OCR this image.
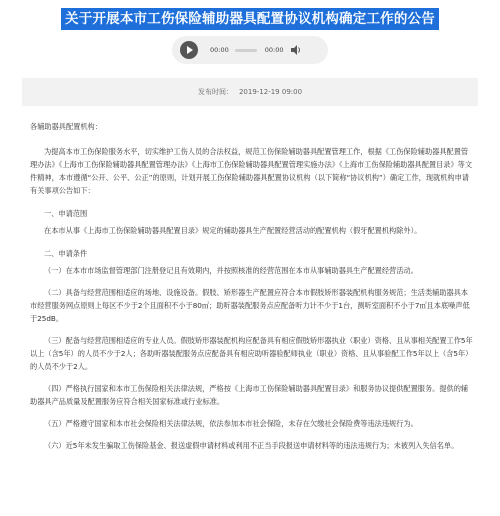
关于开展本市工伤保险辅助器具配置协议机构确定工作的公告
00:00	00:00
发布时间： 2019-12-19 09:00

各辅助器具配置机构：

为提高本市工伤保险服务水平，切实维护工伤人员的合法权益，规范工伤保险辅助器具配置管理工作，根据《工伤保险辅助器具配置管理办法》《上海市工伤保险辅助器具配置管理办法》《上海市工伤保险辅助器具配置管理实施办法》《上海市工伤保险辅助器具配置目录》等文件精神，本市遵循“公开、公平、公正”的原则，计划开展工伤保险辅助器具配置协议机构（以下简称“协议机构”）确定工作，现就机构申请有关事项公告如下：

一、申请范围

在本市从事《上海市工伤保险辅助器具配置目录》规定的辅助器具生产配置经营活动的配置机构（假牙配置机构除外）。

二、申请条件

（一）在本市市场监督管理部门注册登记且有效期内，并按照核准的经营范围在本市从事辅助器具生产配置经营活动。

（二）具备与经营范围相适应的场地、设施设备。假肢、矫形器生产配置应符合本市假肢矫形器装配机构服务规范；生活类辅助器具本市经营服务网点原则上每区不少于2个且面积不小于80㎡；助听器装配服务点应配备听力计不少于1台，测听室面积不小于7㎡且本底噪声低于25dB。

（三）配备与经营范围相适应的专业人员。假肢矫形器装配机构应配备具有相应假肢矫形器执业（职业）资格、且从事相关配置工作5年以上（含5年）的人员不少于2人；各助听器装配服务点应配备具有相应助听器验配师执业（职业）资格、且从事验配工作5年以上（含5年）的人员不少于2人。

（四）严格执行国家和本市工伤保险相关法律法规，严格按《上海市工伤保险辅助器具配置目录》和服务协议提供配置服务。提供的辅助器具产品质量及配置服务应符合相关国家标准或行业标准。

（五）严格遵守国家和本市社会保险相关法律法规，依法参加本市社会保险，未存在欠缴社会保险费等违法违规行为。

（六）近5年未发生骗取工伤保险基金、报送虚假申请材料或利用不正当手段报送申请材料等的违法违规行为；未被列入失信名单。
